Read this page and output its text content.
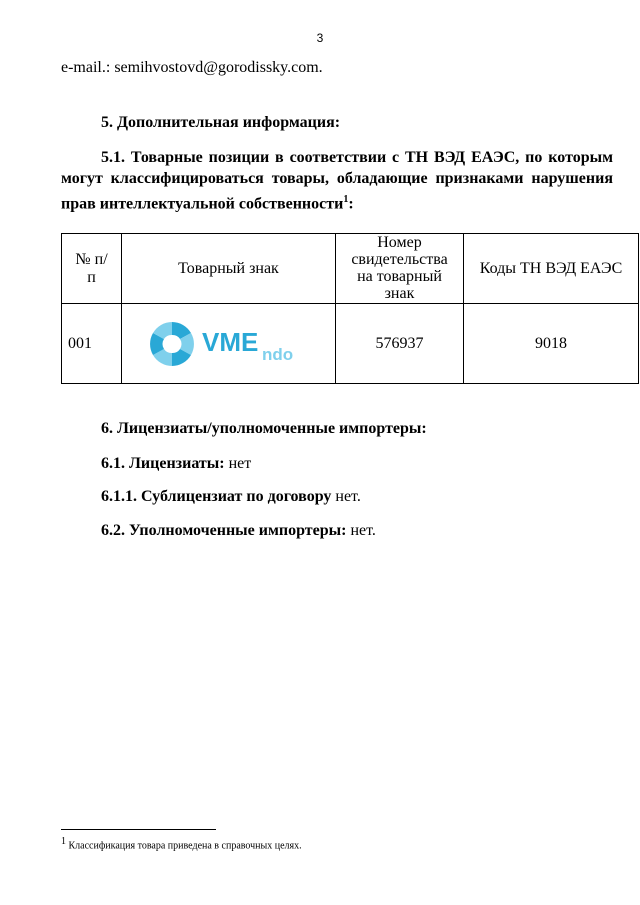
3
e-mail.: semihvostovd@gorodissky.com.
5. Дополнительная информация:
5.1. Товарные позиции в соответствии с ТН ВЭД ЕАЭС, по которым могут классифицироваться товары, обладающие признаками нарушения прав интеллектуальной собственности$^1$:
№ п/п	Товарный знак	Номер свидетельства на товарный знак	Коды ТН ВЭД ЕАЭС
001	VME ndo	576937	9018
6. Лицензиаты/уполномоченные импортеры:
6.1. Лицензиаты: нет
6.1.1. Сублицензиат по договору нет.
6.2. Уполномоченные импортеры: нет.
$^1$ Классификация товара приведена в справочных целях.
